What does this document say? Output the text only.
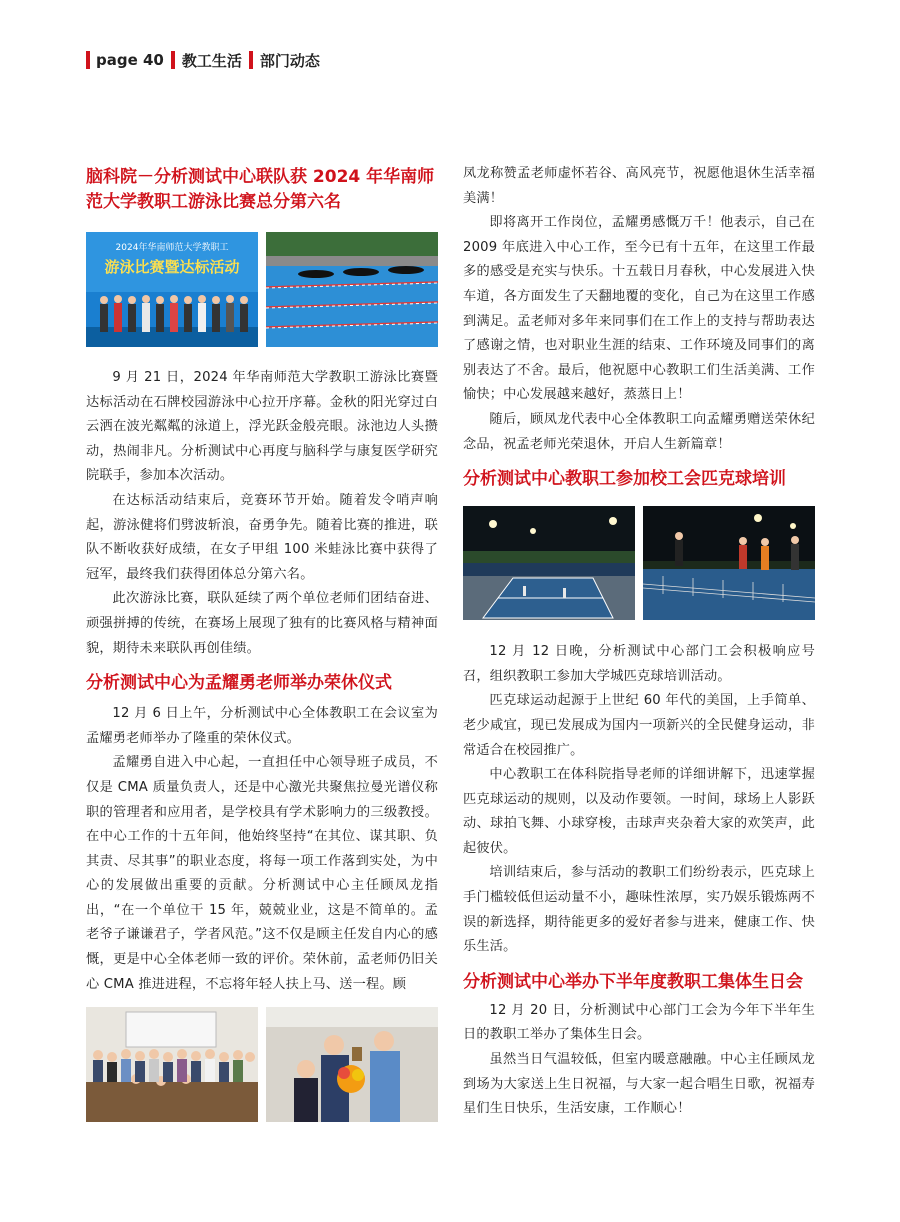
page 40 教工生活 部门动态
脑科院－分析测试中心联队获 2024 年华南师范大学教职工游泳比赛总分第六名
2024年华南师范大学教职工
游泳比赛暨达标活动

9 月 21 日，2024 年华南师范大学教职工游泳比赛暨达标活动在石牌校园游泳中心拉开序幕。金秋的阳光穿过白云洒在波光粼粼的泳道上，浮光跃金般亮眼。泳池边人头攒动，热闹非凡。分析测试中心再度与脑科学与康复医学研究院联手，参加本次活动。

在达标活动结束后，竞赛环节开始。随着发令哨声响起，游泳健将们劈波斩浪，奋勇争先。随着比赛的推进，联队不断收获好成绩，在女子甲组 100 米蛙泳比赛中获得了冠军，最终我们获得团体总分第六名。

此次游泳比赛，联队延续了两个单位老师们团结奋进、顽强拼搏的传统，在赛场上展现了独有的比赛风格与精神面貌，期待未来联队再创佳绩。

分析测试中心为孟耀勇老师举办荣休仪式

12 月 6 日上午，分析测试中心全体教职工在会议室为孟耀勇老师举办了隆重的荣休仪式。

孟耀勇自进入中心起，一直担任中心领导班子成员，不仅是 CMA 质量负责人，还是中心激光共聚焦拉曼光谱仪称职的管理者和应用者，是学校具有学术影响力的三级教授。在中心工作的十五年间，他始终坚持“在其位、谋其职、负其责、尽其事”的职业态度，将每一项工作落到实处，为中心的发展做出重要的贡献。分析测试中心主任顾凤龙指出，“在一个单位干 15 年，兢兢业业，这是不简单的。孟老爷子谦谦君子，学者风范。”这不仅是顾主任发自内心的感慨，更是中心全体老师一致的评价。荣休前，孟老师仍旧关心 CMA 推进进程，不忘将年轻人扶上马、送一程。顾

凤龙称赞孟老师虚怀若谷、高风亮节，祝愿他退休生活幸福美满！

即将离开工作岗位，孟耀勇感慨万千！他表示，自己在 2009 年底进入中心工作，至今已有十五年，在这里工作最多的感受是充实与快乐。十五载日月春秋，中心发展进入快车道，各方面发生了天翻地覆的变化，自己为在这里工作感到满足。孟老师对多年来同事们在工作上的支持与帮助表达了感谢之情，也对职业生涯的结束、工作环境及同事们的离别表达了不舍。最后，他祝愿中心教职工们生活美满、工作愉快；中心发展越来越好，蒸蒸日上！

随后，顾凤龙代表中心全体教职工向孟耀勇赠送荣休纪念品，祝孟老师光荣退休，开启人生新篇章！

分析测试中心教职工参加校工会匹克球培训

12 月 12 日晚，分析测试中心部门工会积极响应号召，组织教职工参加大学城匹克球培训活动。

匹克球运动起源于上世纪 60 年代的美国，上手简单、老少咸宜，现已发展成为国内一项新兴的全民健身运动，非常适合在校园推广。

中心教职工在体科院指导老师的详细讲解下，迅速掌握匹克球运动的规则，以及动作要领。一时间，球场上人影跃动、球拍飞舞、小球穿梭，击球声夹杂着大家的欢笑声，此起彼伏。

培训结束后，参与活动的教职工们纷纷表示，匹克球上手门槛较低但运动量不小，趣味性浓厚，实乃娱乐锻炼两不误的新选择，期待能更多的爱好者参与进来，健康工作、快乐生活。

分析测试中心举办下半年度教职工集体生日会

12 月 20 日，分析测试中心部门工会为今年下半年生日的教职工举办了集体生日会。

虽然当日气温较低，但室内暖意融融。中心主任顾凤龙到场为大家送上生日祝福，与大家一起合唱生日歌，祝福寿星们生日快乐，生活安康，工作顺心！
